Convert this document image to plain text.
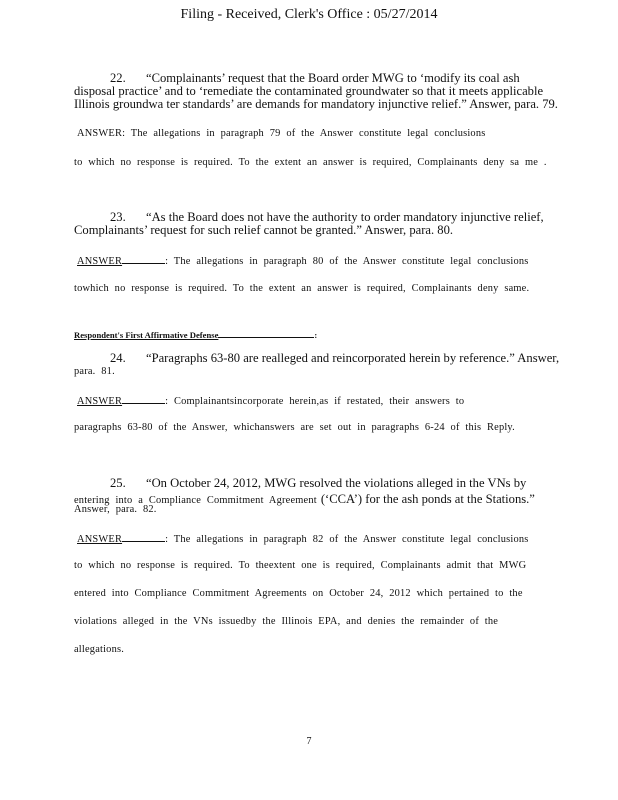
Filing - Received, Clerk's Office : 05/27/2014
22. “Complainants’ request that the Board order MWG to ‘modify its coal ash
disposal practice’ and to ‘remediate the contaminated groundwater so that it meets applicable
Illinois groundwa ter standards’ are demands for mandatory injunctive relief.” Answer, para. 79.
ANSWER: The allegations in paragraph 79 of the Answer constitute legal conclusions
to which no response is required. To the extent an answer is required, Complainants deny sa me .
23. “As the Board does not have the authority to order mandatory injunctive relief,
Complainants’ request for such relief cannot be granted.” Answer, para. 80.
ANSWER	: The allegations in paragraph 80 of the Answer constitute legal conclusions
towhich no response is required. To the extent an answer is required, Complainants deny same.
Respondent's First Affirmative Defense	:
24. “Paragraphs 63-80 are realleged and reincorporated herein by reference.” Answer,
para. 81.
ANSWER	: Complainantsincorporate herein,as if restated, their answers to
paragraphs 63-80 of the Answer, whichanswers are set out in paragraphs 6-24 of this Reply.
25. “On October 24, 2012, MWG resolved the violations alleged in the VNs by
entering into a Compliance Commitment Agreement (‘CCA’) for the ash ponds at the Stations.”
Answer, para. 82.
ANSWER	: The allegations in paragraph 82 of the Answer constitute legal conclusions
to which no response is required. To theextent one is required, Complainants admit that MWG
entered into Compliance Commitment Agreements on October 24, 2012 which pertained to the
violations alleged in the VNs issuedby the Illinois EPA, and denies the remainder of the
allegations.
7
